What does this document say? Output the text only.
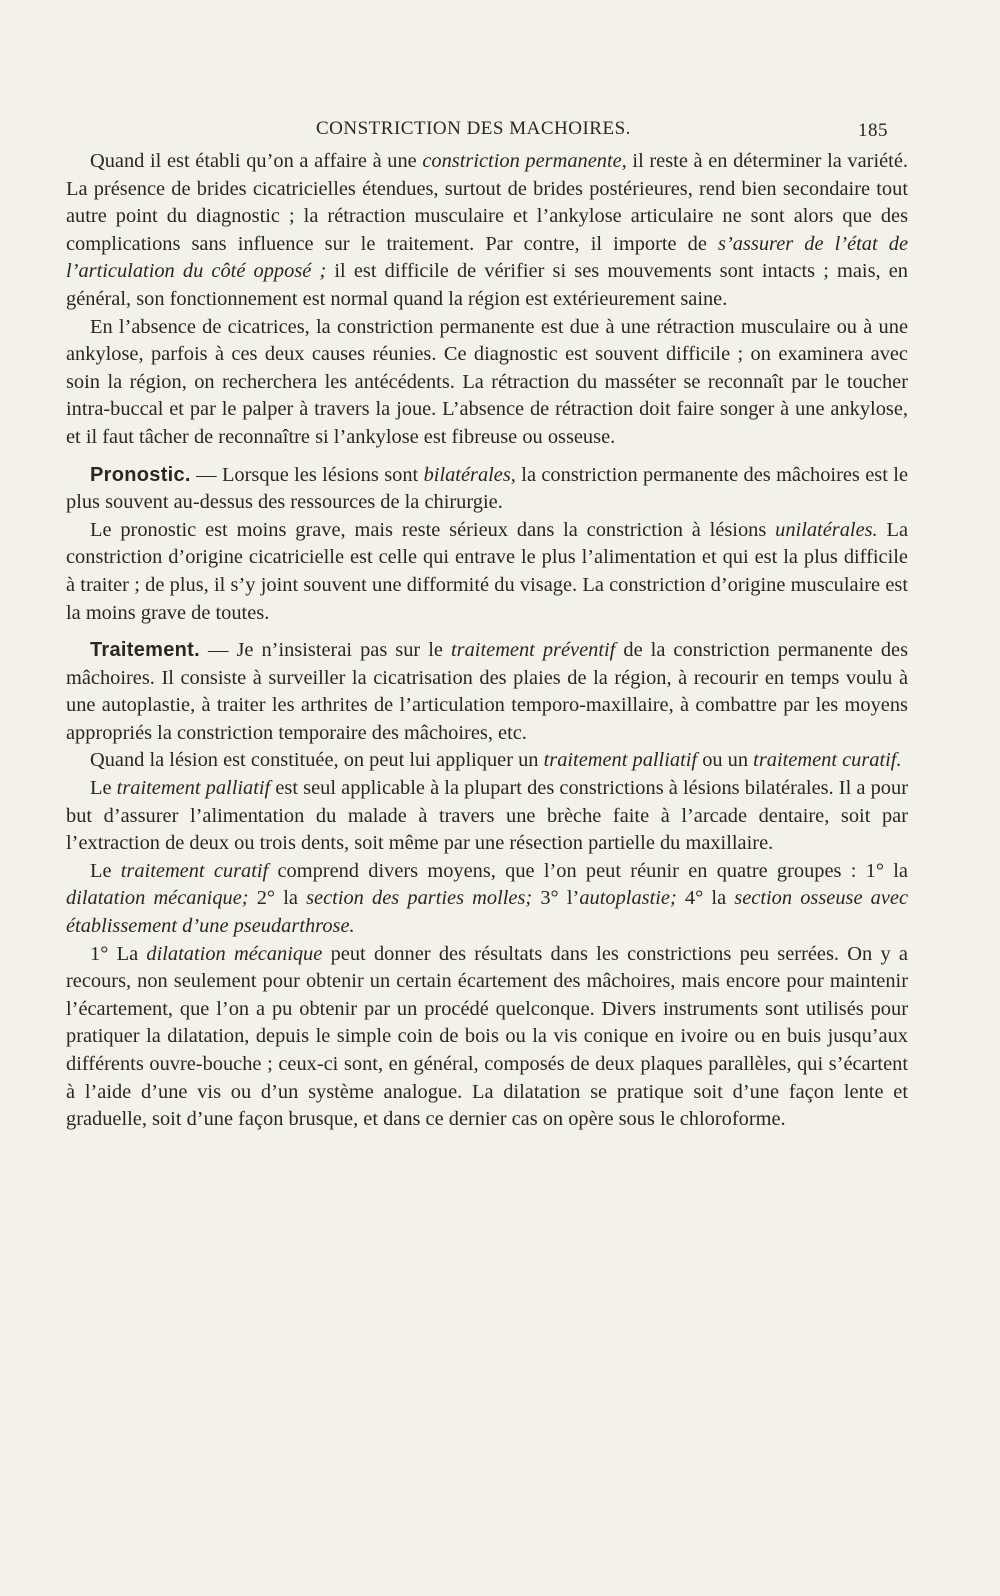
CONSTRICTION DES MACHOIRES.	185

Quand il est établi qu’on a affaire à une constriction permanente, il reste à en déterminer la variété. La présence de brides cicatricielles étendues, surtout de brides postérieures, rend bien secondaire tout autre point du diagnostic ; la rétraction musculaire et l’ankylose articulaire ne sont alors que des complications sans influence sur le traitement. Par contre, il importe de s’assurer de l’état de l’articulation du côté opposé ; il est difficile de vérifier si ses mouvements sont intacts ; mais, en général, son fonctionnement est normal quand la région est extérieurement saine.

En l’absence de cicatrices, la constriction permanente est due à une rétraction musculaire ou à une ankylose, parfois à ces deux causes réunies. Ce diagnostic est souvent difficile ; on examinera avec soin la région, on recherchera les antécédents. La rétraction du masséter se reconnaît par le toucher intra-buccal et par le palper à travers la joue. L’absence de rétraction doit faire songer à une ankylose, et il faut tâcher de reconnaître si l’ankylose est fibreuse ou osseuse.

Pronostic. — Lorsque les lésions sont bilatérales, la constriction permanente des mâchoires est le plus souvent au-dessus des ressources de la chirurgie.

Le pronostic est moins grave, mais reste sérieux dans la constriction à lésions unilatérales. La constriction d’origine cicatricielle est celle qui entrave le plus l’alimentation et qui est la plus difficile à traiter ; de plus, il s’y joint souvent une difformité du visage. La constriction d’origine musculaire est la moins grave de toutes.

Traitement. — Je n’insisterai pas sur le traitement préventif de la constriction permanente des mâchoires. Il consiste à surveiller la cicatrisation des plaies de la région, à recourir en temps voulu à une autoplastie, à traiter les arthrites de l’articulation temporo-maxillaire, à combattre par les moyens appropriés la constriction temporaire des mâchoires, etc.

Quand la lésion est constituée, on peut lui appliquer un traitement palliatif ou un traitement curatif.

Le traitement palliatif est seul applicable à la plupart des constrictions à lésions bilatérales. Il a pour but d’assurer l’alimentation du malade à travers une brèche faite à l’arcade dentaire, soit par l’extraction de deux ou trois dents, soit même par une résection partielle du maxillaire.

Le traitement curatif comprend divers moyens, que l’on peut réunir en quatre groupes : 1° la dilatation mécanique; 2° la section des parties molles; 3° l’autoplastie; 4° la section osseuse avec établissement d’une pseudarthrose.

1° La dilatation mécanique peut donner des résultats dans les constrictions peu serrées. On y a recours, non seulement pour obtenir un certain écartement des mâchoires, mais encore pour maintenir l’écartement, que l’on a pu obtenir par un procédé quelconque. Divers instruments sont utilisés pour pratiquer la dilatation, depuis le simple coin de bois ou la vis conique en ivoire ou en buis jusqu’aux différents ouvre-bouche ; ceux-ci sont, en général, composés de deux plaques parallèles, qui s’écartent à l’aide d’une vis ou d’un système analogue. La dilatation se pratique soit d’une façon lente et graduelle, soit d’une façon brusque, et dans ce dernier cas on opère sous le chloroforme.
